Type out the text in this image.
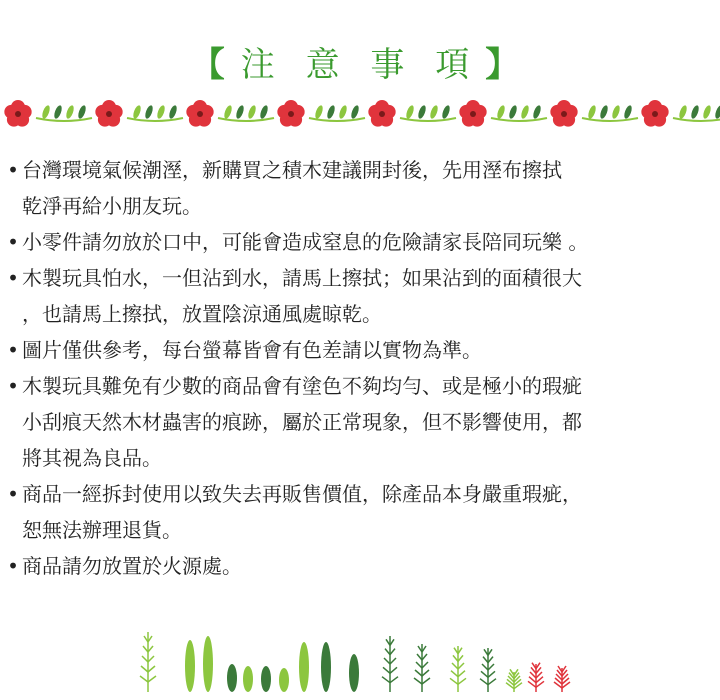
【 注 意 事 項 】
• 台灣環境氣候潮溼，新購買之積木建議開封後，先用溼布擦拭
乾淨再給小朋友玩。
• 小零件請勿放於口中，可能會造成窒息的危險請家長陪同玩樂 。
• 木製玩具怕水，一但沾到水，請馬上擦拭；如果沾到的面積很大
，也請馬上擦拭，放置陰涼通風處晾乾。
• 圖片僅供參考，每台螢幕皆會有色差請以實物為準。
• 木製玩具難免有少數的商品會有塗色不夠均勻、或是極小的瑕疵
小刮痕天然木材蟲害的痕跡，屬於正常現象，但不影響使用，都
將其視為良品。
• 商品一經拆封使用以致失去再販售價值，除產品本身嚴重瑕疵，
恕無法辦理退貨。
• 商品請勿放置於火源處。
